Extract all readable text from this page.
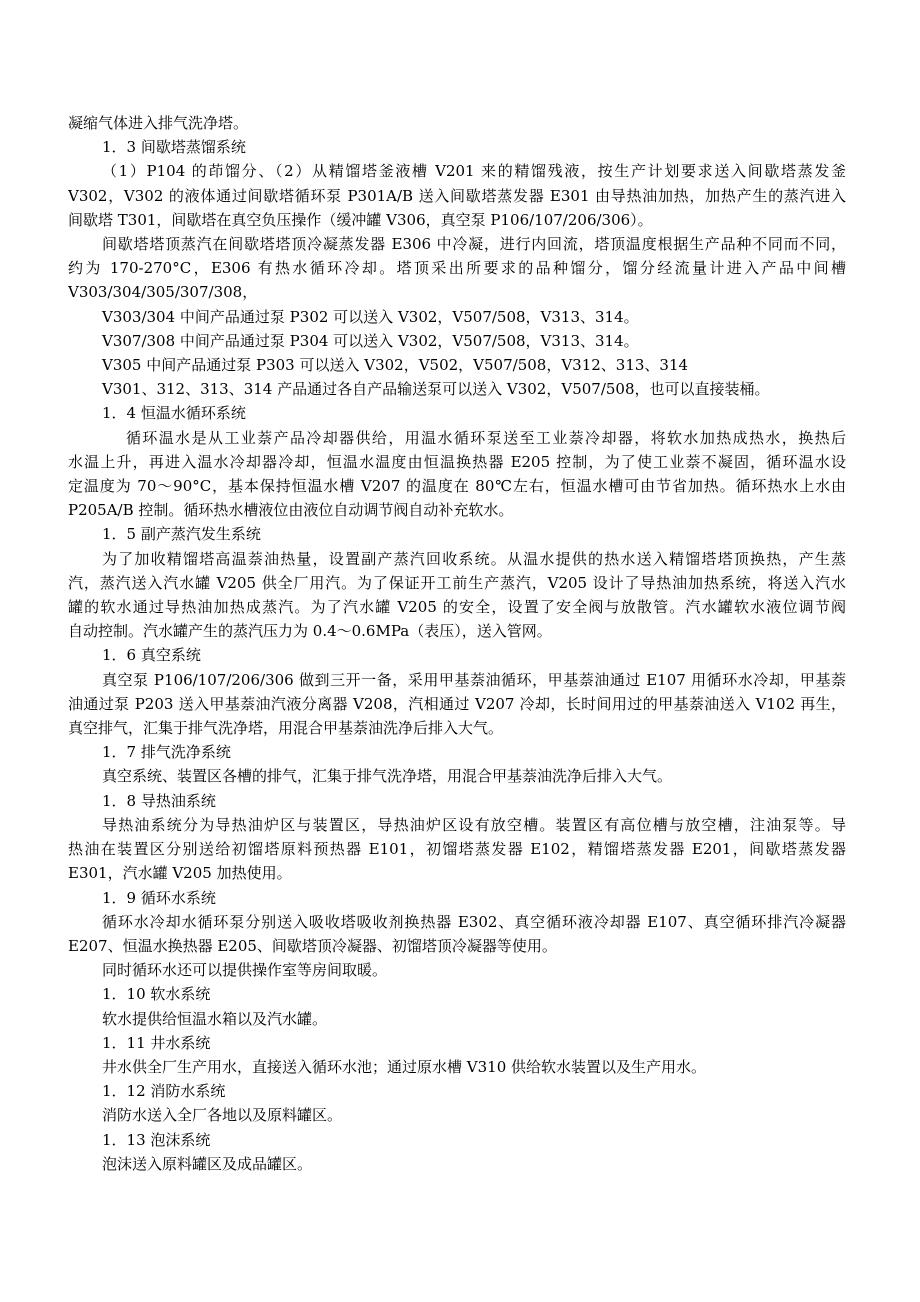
凝缩气体进入排气洗净塔。
1．3 间歇塔蒸馏系统
（1）P104 的茚馏分、（2）从精馏塔釜液槽 V201 来的精馏残液，按生产计划要求送入间歇塔蒸发釜
V302，V302 的液体通过间歇塔循环泵 P301A/B 送入间歇塔蒸发器 E301 由导热油加热，加热产生的蒸汽进入
间歇塔 T301，间歇塔在真空负压操作（缓冲罐 V306，真空泵 P106/107/206/306）。
间歇塔塔顶蒸汽在间歇塔塔顶冷凝蒸发器 E306 中冷凝，进行内回流，塔顶温度根据生产品种不同而不同，
约为 170-270°C，E306 有热水循环冷却。塔顶采出所要求的品种馏分，馏分经流量计进入产品中间槽
V303/304/305/307/308，
V303/304 中间产品通过泵 P302 可以送入 V302，V507/508，V313、314。
V307/308 中间产品通过泵 P304 可以送入 V302，V507/508，V313、314。
V305 中间产品通过泵 P303 可以送入 V302，V502，V507/508，V312、313、314
V301、312、313、314 产品通过各自产品输送泵可以送入 V302，V507/508，也可以直接装桶。
1．4 恒温水循环系统
循环温水是从工业萘产品冷却器供给，用温水循环泵送至工业萘冷却器，将软水加热成热水，换热后
水温上升，再进入温水冷却器冷却，恒温水温度由恒温换热器 E205 控制，为了使工业萘不凝固，循环温水设
定温度为 70～90°C，基本保持恒温水槽 V207 的温度在 80℃左右，恒温水槽可由节省加热。循环热水上水由
P205A/B 控制。循环热水槽液位由液位自动调节阀自动补充软水。
1．5 副产蒸汽发生系统
为了加收精馏塔高温萘油热量，设置副产蒸汽回收系统。从温水提供的热水送入精馏塔塔顶换热，产生蒸
汽，蒸汽送入汽水罐 V205 供全厂用汽。为了保证开工前生产蒸汽，V205 设计了导热油加热系统，将送入汽水
罐的软水通过导热油加热成蒸汽。为了汽水罐 V205 的安全，设置了安全阀与放散管。汽水罐软水液位调节阀
自动控制。汽水罐产生的蒸汽压力为 0.4～0.6MPa（表压），送入管网。
1．6 真空系统
真空泵 P106/107/206/306 做到三开一备，采用甲基萘油循环，甲基萘油通过 E107 用循环水冷却，甲基萘
油通过泵 P203 送入甲基萘油汽液分离器 V208，汽相通过 V207 冷却，长时间用过的甲基萘油送入 V102 再生，
真空排气，汇集于排气洗净塔，用混合甲基萘油洗净后排入大气。
1．7 排气洗净系统
真空系统、装置区各槽的排气，汇集于排气洗净塔，用混合甲基萘油洗净后排入大气。
1．8 导热油系统
导热油系统分为导热油炉区与装置区，导热油炉区设有放空槽。装置区有高位槽与放空槽，注油泵等。导
热油在装置区分别送给初馏塔原料预热器 E101，初馏塔蒸发器 E102，精馏塔蒸发器 E201，间歇塔蒸发器
E301，汽水罐 V205 加热使用。
1．9 循环水系统
循环水冷却水循环泵分别送入吸收塔吸收剂换热器 E302、真空循环液冷却器 E107、真空循环排汽冷凝器
E207、恒温水换热器 E205、间歇塔顶冷凝器、初馏塔顶冷凝器等使用。
同时循环水还可以提供操作室等房间取暖。
1．10 软水系统
软水提供给恒温水箱以及汽水罐。
1．11 井水系统
井水供全厂生产用水，直接送入循环水池；通过原水槽 V310 供给软水装置以及生产用水。
1．12 消防水系统
消防水送入全厂各地以及原料罐区。
1．13 泡沫系统
泡沫送入原料罐区及成品罐区。
